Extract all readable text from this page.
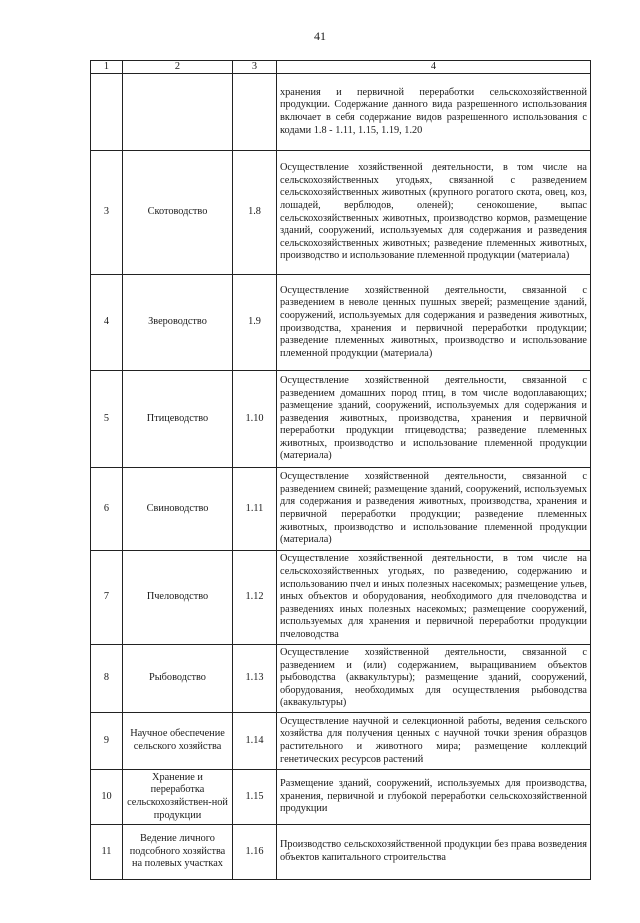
41
1	2	3	4
			хранения и первичной переработки сельскохозяйственной продукции. Содержание данного вида разрешенного использования включает в себя содержание видов разрешенного использования с кодами 1.8 - 1.11, 1.15, 1.19, 1.20
3	Скотоводство	1.8	Осуществление хозяйственной деятельности, в том числе на сельскохозяйственных угодьях, связанной с разведением сельскохозяйственных животных (крупного рогатого скота, овец, коз, лошадей, верблюдов, оленей); сенокошение, выпас сельскохозяйственных животных, производство кормов, размещение зданий, сооружений, используемых для содержания и разведения сельскохозяйственных животных; разведение племенных животных, производство и использование племенной продукции (материала)
4	Звероводство	1.9	Осуществление хозяйственной деятельности, связанной с разведением в неволе ценных пушных зверей; размещение зданий, сооружений, используемых для содержания и разведения животных, производства, хранения и первичной переработки продукции; разведение племенных животных, производство и использование племенной продукции (материала)
5	Птицеводство	1.10	Осуществление хозяйственной деятельности, связанной с разведением домашних пород птиц, в том числе водоплавающих; размещение зданий, сооружений, используемых для содержания и разведения животных, производства, хранения и первичной переработки продукции птицеводства; разведение племенных животных, производство и использование племенной продукции (материала)
6	Свиноводство	1.11	Осуществление хозяйственной деятельности, связанной с разведением свиней; размещение зданий, сооружений, используемых для содержания и разведения животных, производства, хранения и первичной переработки продукции; разведение племенных животных, производство и использование племенной продукции (материала)
7	Пчеловодство	1.12	Осуществление хозяйственной деятельности, в том числе на сельскохозяйственных угодьях, по разведению, содержанию и использованию пчел и иных полезных насекомых; размещение ульев, иных объектов и оборудования, необходимого для пчеловодства и разведениях иных полезных насекомых; размещение сооружений, используемых для хранения и первичной переработки продукции пчеловодства
8	Рыбоводство	1.13	Осуществление хозяйственной деятельности, связанной с разведением и (или) содержанием, выращиванием объектов рыбоводства (аквакультуры); размещение зданий, сооружений, оборудования, необходимых для осуществления рыбоводства (аквакультуры)
9	Научное обеспечение сельского хозяйства	1.14	Осуществление научной и селекционной работы, ведения сельского хозяйства для получения ценных с научной точки зрения образцов растительного и животного мира; размещение коллекций генетических ресурсов растений
10	Хранение и переработка сельскохозяйствен-ной продукции	1.15	Размещение зданий, сооружений, используемых для производства, хранения, первичной и глубокой переработки сельскохозяйственной продукции
11	Ведение личного подсобного хозяйства на полевых участках	1.16	Производство сельскохозяйственной продукции без права возведения объектов капитального строительства
